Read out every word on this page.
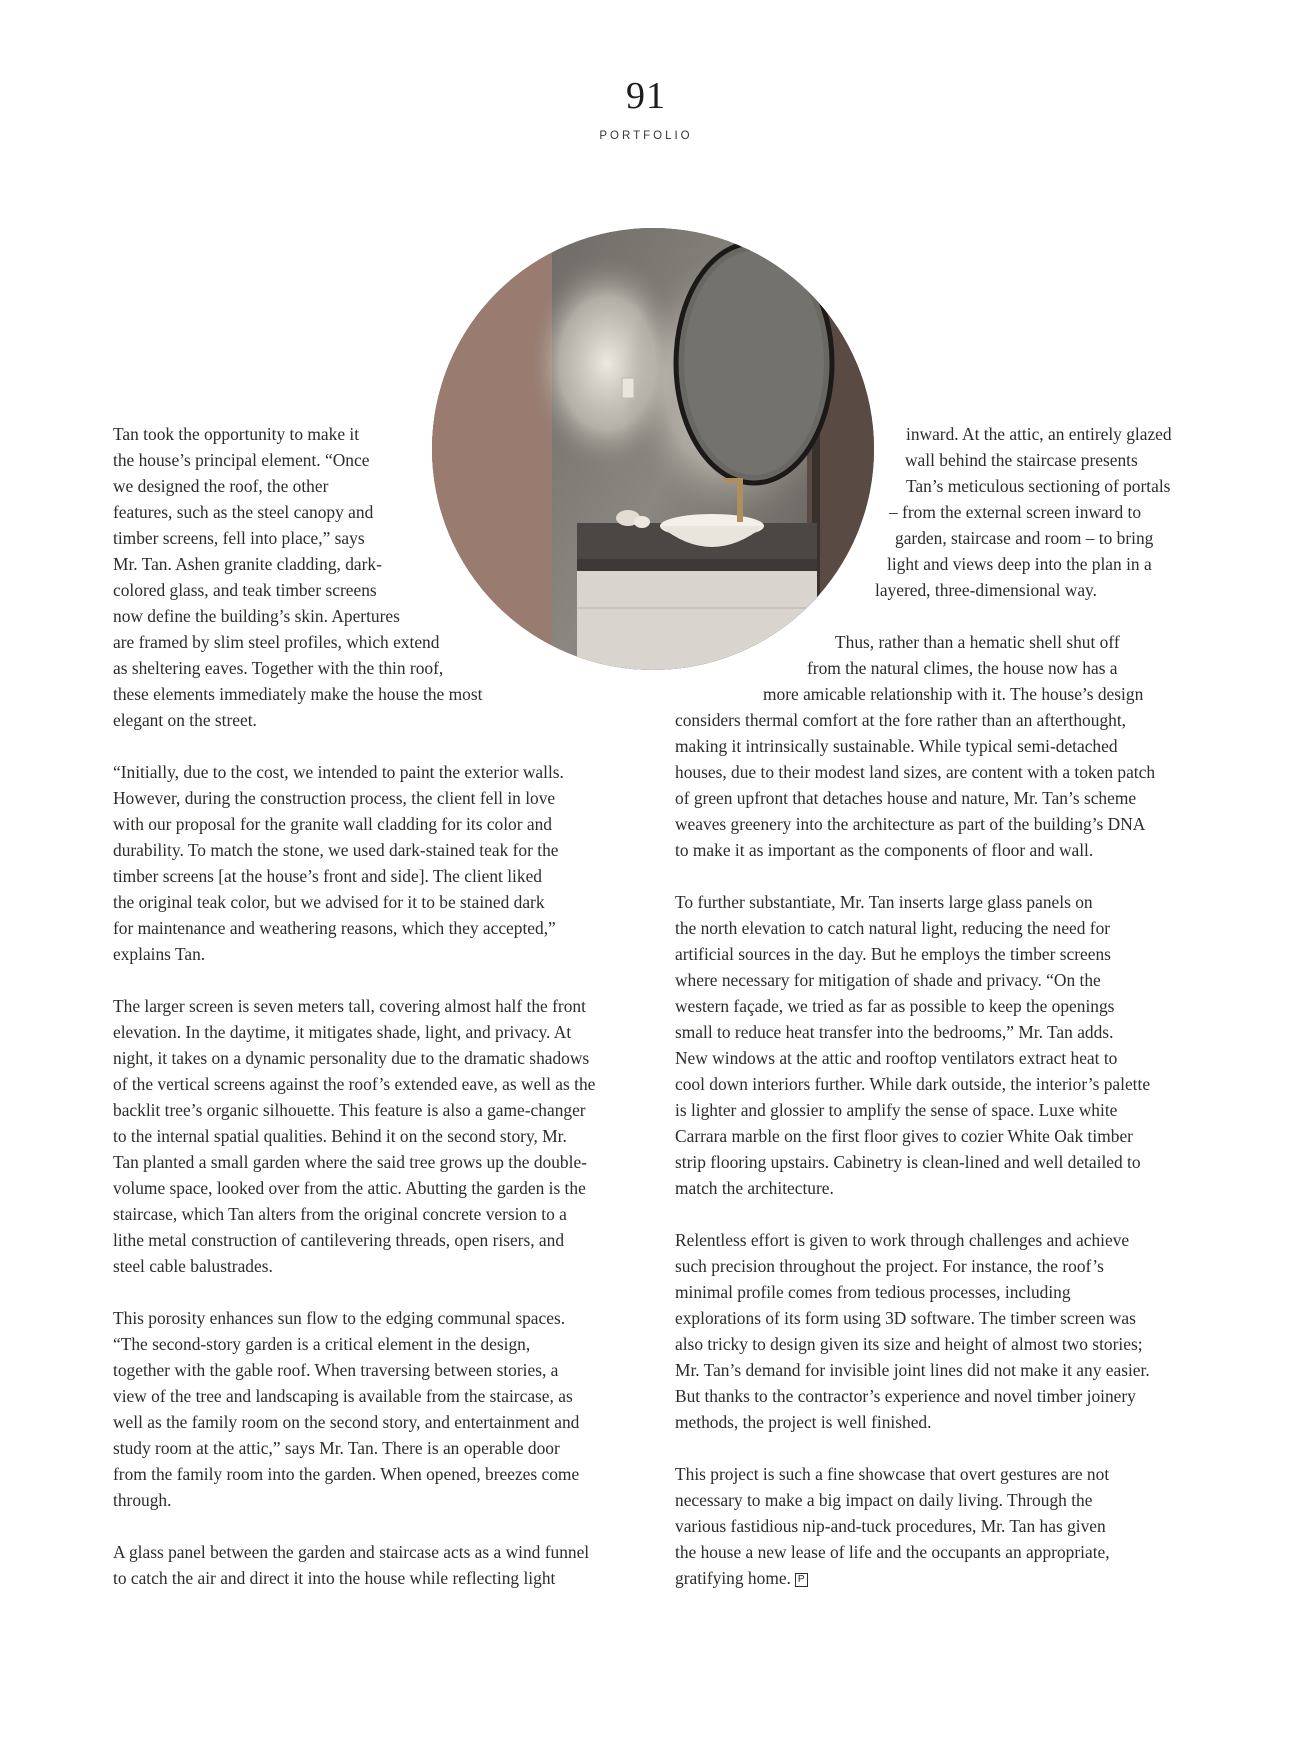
91
PORTFOLIO

Tan took the opportunity to make it
the house’s principal element. “Once
we designed the roof, the other
features, such as the steel canopy and
timber screens, fell into place,” says
Mr. Tan. Ashen granite cladding, dark-
colored glass, and teak timber screens
now define the building’s skin. Apertures
are framed by slim steel profiles, which extend
as sheltering eaves. Together with the thin roof,
these elements immediately make the house the most
elegant on the street.

“Initially, due to the cost, we intended to paint the exterior walls.
However, during the construction process, the client fell in love
with our proposal for the granite wall cladding for its color and
durability. To match the stone, we used dark-stained teak for the
timber screens [at the house’s front and side]. The client liked
the original teak color, but we advised for it to be stained dark
for maintenance and weathering reasons, which they accepted,”
explains Tan.

The larger screen is seven meters tall, covering almost half the front
elevation. In the daytime, it mitigates shade, light, and privacy. At
night, it takes on a dynamic personality due to the dramatic shadows
of the vertical screens against the roof’s extended eave, as well as the
backlit tree’s organic silhouette. This feature is also a game-changer
to the internal spatial qualities. Behind it on the second story, Mr.
Tan planted a small garden where the said tree grows up the double-
volume space, looked over from the attic. Abutting the garden is the
staircase, which Tan alters from the original concrete version to a
lithe metal construction of cantilevering threads, open risers, and
steel cable balustrades.

This porosity enhances sun flow to the edging communal spaces.
“The second-story garden is a critical element in the design,
together with the gable roof. When traversing between stories, a
view of the tree and landscaping is available from the staircase, as
well as the family room on the second story, and entertainment and
study room at the attic,” says Mr. Tan. There is an operable door
from the family room into the garden. When opened, breezes come
through.

A glass panel between the garden and staircase acts as a wind funnel
to catch the air and direct it into the house while reflecting light

inward. At the attic, an entirely glazed
wall behind the staircase presents
Tan’s meticulous sectioning of portals
– from the external screen inward to
garden, staircase and room – to bring
light and views deep into the plan in a
layered, three-dimensional way.

Thus, rather than a hematic shell shut off
from the natural climes, the house now has a
more amicable relationship with it. The house’s design
considers thermal comfort at the fore rather than an afterthought,
making it intrinsically sustainable. While typical semi-detached
houses, due to their modest land sizes, are content with a token patch
of green upfront that detaches house and nature, Mr. Tan’s scheme
weaves greenery into the architecture as part of the building’s DNA
to make it as important as the components of floor and wall.

To further substantiate, Mr. Tan inserts large glass panels on
the north elevation to catch natural light, reducing the need for
artificial sources in the day. But he employs the timber screens
where necessary for mitigation of shade and privacy. “On the
western façade, we tried as far as possible to keep the openings
small to reduce heat transfer into the bedrooms,” Mr. Tan adds.
New windows at the attic and rooftop ventilators extract heat to
cool down interiors further. While dark outside, the interior’s palette
is lighter and glossier to amplify the sense of space. Luxe white
Carrara marble on the first floor gives to cozier White Oak timber
strip flooring upstairs. Cabinetry is clean-lined and well detailed to
match the architecture.

Relentless effort is given to work through challenges and achieve
such precision throughout the project. For instance, the roof’s
minimal profile comes from tedious processes, including
explorations of its form using 3D software. The timber screen was
also tricky to design given its size and height of almost two stories;
Mr. Tan’s demand for invisible joint lines did not make it any easier.
But thanks to the contractor’s experience and novel timber joinery
methods, the project is well finished.

This project is such a fine showcase that overt gestures are not
necessary to make a big impact on daily living. Through the
various fastidious nip-and-tuck procedures, Mr. Tan has given
the house a new lease of life and the occupants an appropriate,
gratifying home. P
